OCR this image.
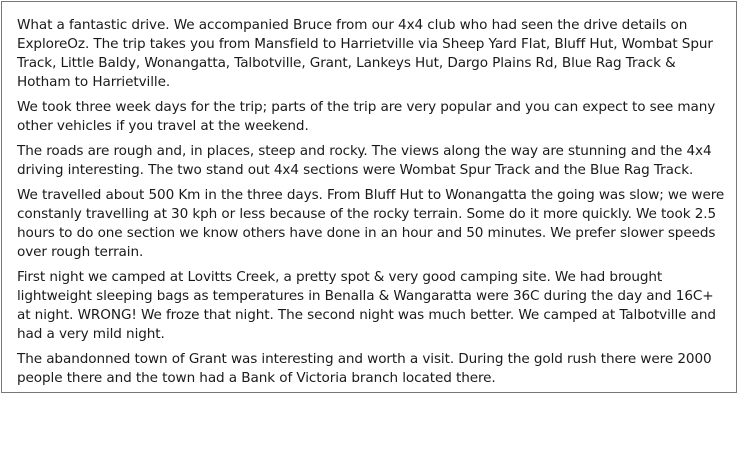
What a fantastic drive. We accompanied Bruce from our 4x4 club who had seen the drive details on ExploreOz. The trip takes you from Mansfield to Harrietville via Sheep Yard Flat, Bluff Hut, Wombat Spur Track, Little Baldy, Wonangatta, Talbotville, Grant, Lankeys Hut, Dargo Plains Rd, Blue Rag Track & Hotham to Harrietville.

We took three week days for the trip; parts of the trip are very popular and you can expect to see many other vehicles if you travel at the weekend.

The roads are rough and, in places, steep and rocky. The views along the way are stunning and the 4x4 driving interesting. The two stand out 4x4 sections were Wombat Spur Track and the Blue Rag Track.

We travelled about 500 Km in the three days. From Bluff Hut to Wonangatta the going was slow; we were constanly travelling at 30 kph or less because of the rocky terrain. Some do it more quickly. We took 2.5 hours to do one section we know others have done in an hour and 50 minutes. We prefer slower speeds over rough terrain.

First night we camped at Lovitts Creek, a pretty spot & very good camping site. We had brought lightweight sleeping bags as temperatures in Benalla & Wangaratta were 36C during the day and 16C+ at night. WRONG! We froze that night. The second night was much better. We camped at Talbotville and had a very mild night.

The abandonned town of Grant was interesting and worth a visit. During the gold rush there were 2000 people there and the town had a Bank of Victoria branch located there.
